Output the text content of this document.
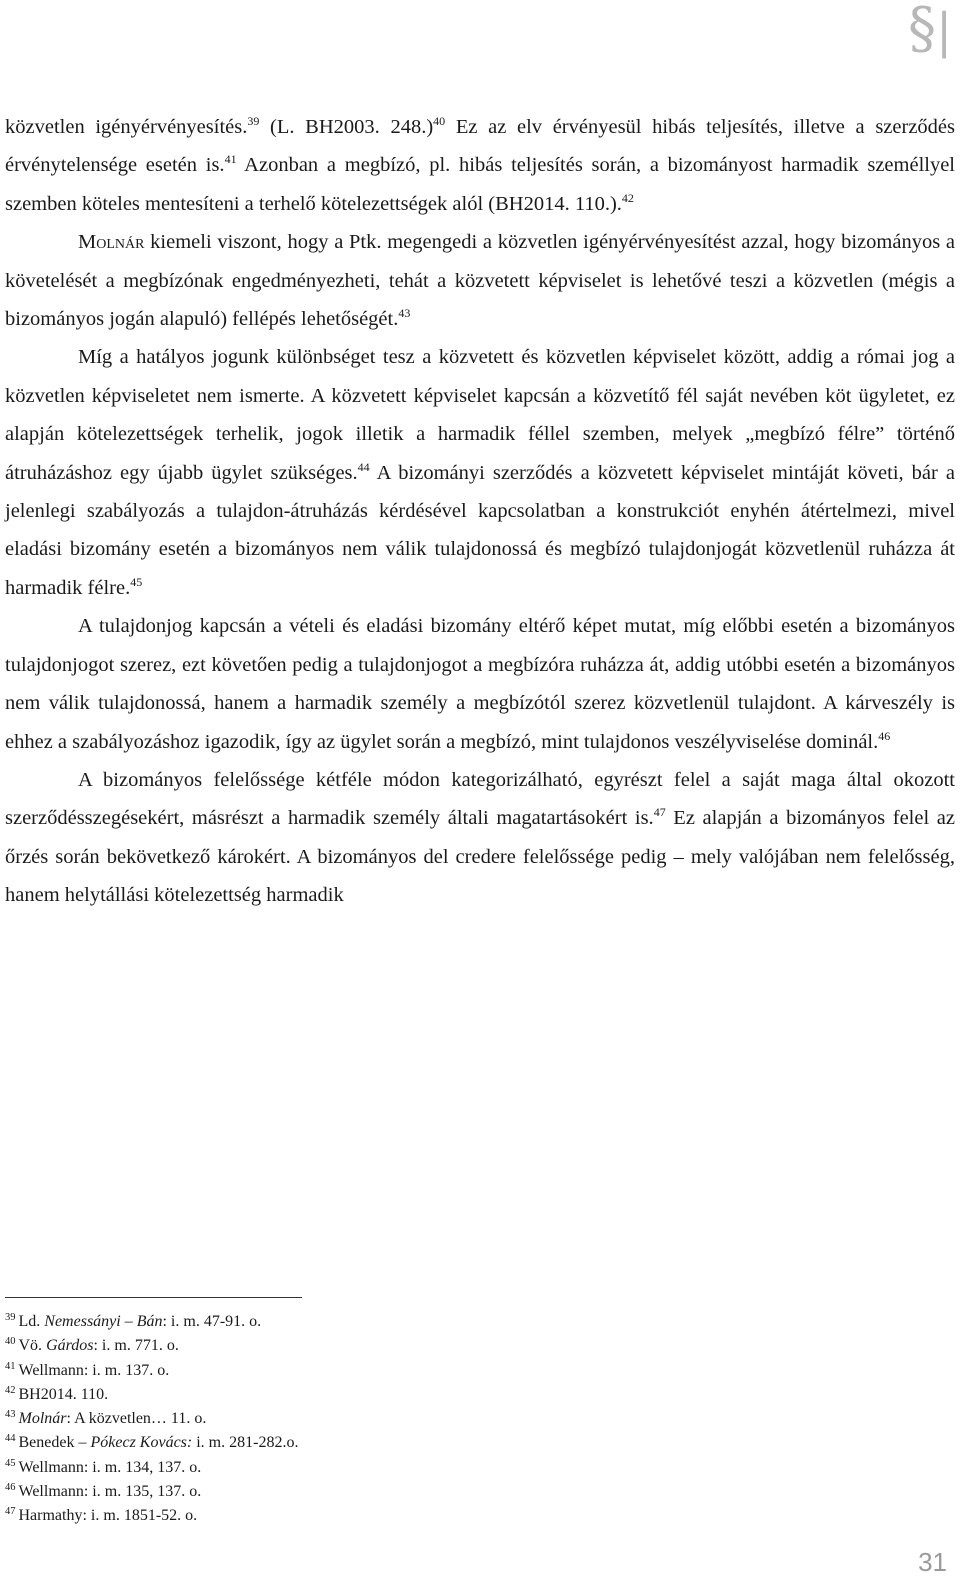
§|

közvetlen igényérvényesítés.$^{39}$ (L. BH2003. 248.)$^{40}$ Ez az elv érvényesül hibás teljesítés, illetve a szerződés érvénytelensége esetén is.$^{41}$ Azonban a megbízó, pl. hibás teljesítés során, a bizományost harmadik személlyel szemben köteles mentesíteni a terhelő kötelezettségek alól (BH2014. 110.).$^{42}$

Molnár kiemeli viszont, hogy a Ptk. megengedi a közvetlen igényérvényesítést azzal, hogy bizományos a követelését a megbízónak engedményezheti, tehát a közvetett képviselet is lehetővé teszi a közvetlen (mégis a bizományos jogán alapuló) fellépés lehetőségét.$^{43}$

Míg a hatályos jogunk különbséget tesz a közvetett és közvetlen képviselet között, addig a római jog a közvetlen képviseletet nem ismerte. A közvetett képviselet kapcsán a közvetítő fél saját nevében köt ügyletet, ez alapján kötelezettségek terhelik, jogok illetik a harmadik féllel szemben, melyek „megbízó félre” történő átruházáshoz egy újabb ügylet szükséges.$^{44}$ A bizományi szerződés a közvetett képviselet mintáját követi, bár a jelenlegi szabályozás a tulajdon-átruházás kérdésével kapcsolatban a konstrukciót enyhén átértelmezi, mivel eladási bizomány esetén a bizományos nem válik tulajdonossá és megbízó tulajdonjogát közvetlenül ruházza át harmadik félre.$^{45}$

A tulajdonjog kapcsán a vételi és eladási bizomány eltérő képet mutat, míg előbbi esetén a bizományos tulajdonjogot szerez, ezt követően pedig a tulajdonjogot a megbízóra ruházza át, addig utóbbi esetén a bizományos nem válik tulajdonossá, hanem a harmadik személy a megbízótól szerez közvetlenül tulajdont. A kárveszély is ehhez a szabályozáshoz igazodik, így az ügylet során a megbízó, mint tulajdonos veszélyviselése dominál.$^{46}$

A bizományos felelőssége kétféle módon kategorizálható, egyrészt felel a saját maga által okozott szerződésszegésekért, másrészt a harmadik személy általi magatartásokért is.$^{47}$ Ez alapján a bizományos felel az őrzés során bekövetkező károkért. A bizományos del credere felelőssége pedig – mely valójában nem felelősség, hanem helytállási kötelezettség harmadik

$^{39}$ Ld. Nemessányi – Bán: i. m. 47-91. o.
$^{40}$ Vö. Gárdos: i. m. 771. o.
$^{41}$ Wellmann: i. m. 137. o.
$^{42}$ BH2014. 110.
$^{43}$ Molnár: A közvetlen… 11. o.
$^{44}$ Benedek – Pókecz Kovács: i. m. 281-282.o.
$^{45}$ Wellmann: i. m. 134, 137. o.
$^{46}$ Wellmann: i. m. 135, 137. o.
$^{47}$ Harmathy: i. m. 1851-52. o.
31
